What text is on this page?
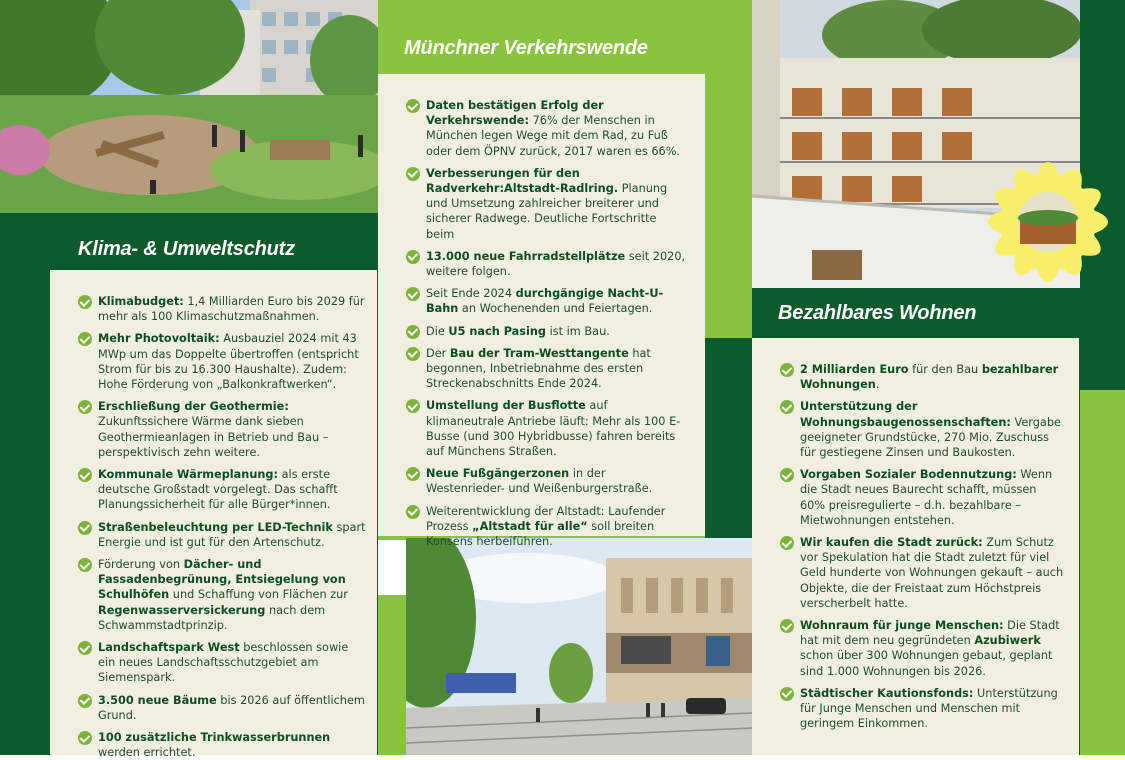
Klima- & Umweltschutz
Münchner Verkehrswende
Bezahlbares Wohnen
Klimabudget: 1,4 Milliarden Euro bis 2029 für mehr als 100 Klimaschutzmaßnahmen.
Mehr Photovoltaik: Ausbauziel 2024 mit 43 MWp um das Doppelte übertroffen (entspricht Strom für bis zu 16.300 Haushalte). Zudem: Hohe Förderung von „Balkonkraftwerken“.
Erschließung der Geothermie: Zukunftssichere Wärme dank sieben Geothermieanlagen in Betrieb und Bau – perspektivisch zehn weitere.
Kommunale Wärmeplanung: als erste deutsche Großstadt vorgelegt. Das schafft Planungssicherheit für alle Bürger*innen.
Straßenbeleuchtung per LED-Technik spart Energie und ist gut für den Artenschutz.
Förderung von Dächer- und Fassadenbegrünung, Entsiegelung von Schulhöfen und Schaffung von Flächen zur Regenwasserversickerung nach dem Schwammstadtprinzip.
Landschaftspark West beschlossen sowie ein neues Landschaftsschutzgebiet am Siemenspark.
3.500 neue Bäume bis 2026 auf öffentlichem Grund.
100 zusätzliche Trinkwasserbrunnen werden errichtet.
Daten bestätigen Erfolg der Verkehrswende: 76% der Menschen in München legen Wege mit dem Rad, zu Fuß oder dem ÖPNV zurück, 2017 waren es 66%.
Verbesserungen für den Radverkehr:Altstadt-Radlring. Planung und Umsetzung zahlreicher breiterer und sicherer Radwege. Deutliche Fortschritte beim
13.000 neue Fahrradstellplätze seit 2020, weitere folgen.
Seit Ende 2024 durchgängige Nacht-U-Bahn an Wochenenden und Feiertagen.
Die U5 nach Pasing ist im Bau.
Der Bau der Tram-Westtangente hat begonnen, Inbetriebnahme des ersten Streckenabschnitts Ende 2024.
Umstellung der Busflotte auf klimaneutrale Antriebe läuft: Mehr als 100 E-Busse (und 300 Hybridbusse) fahren bereits auf Münchens Straßen.
Neue Fußgängerzonen in der Westenrieder- und Weißenburgerstraße.
Weiterentwicklung der Altstadt: Laufender Prozess „Altstadt für alle“ soll breiten Konsens herbeiführen.
2 Milliarden Euro für den Bau bezahlbarer Wohnungen.
Unterstützung der Wohnungsbaugenossenschaften: Vergabe geeigneter Grundstücke, 270 Mio. Zuschuss für gestiegene Zinsen und Baukosten.
Vorgaben Sozialer Bodennutzung: Wenn die Stadt neues Baurecht schafft, müssen 60% preisregulierte – d.h. bezahlbare – Mietwohnungen entstehen.
Wir kaufen die Stadt zurück: Zum Schutz vor Spekulation hat die Stadt zuletzt für viel Geld hunderte von Wohnungen gekauft – auch Objekte, die der Freistaat zum Höchstpreis verscherbelt hatte.
Wohnraum für junge Menschen: Die Stadt hat mit dem neu gegründeten Azubiwerk schon über 300 Wohnungen gebaut, geplant sind 1.000 Wohnungen bis 2026.
Städtischer Kautionsfonds: Unterstützung für Junge Menschen und Menschen mit geringem Einkommen.
